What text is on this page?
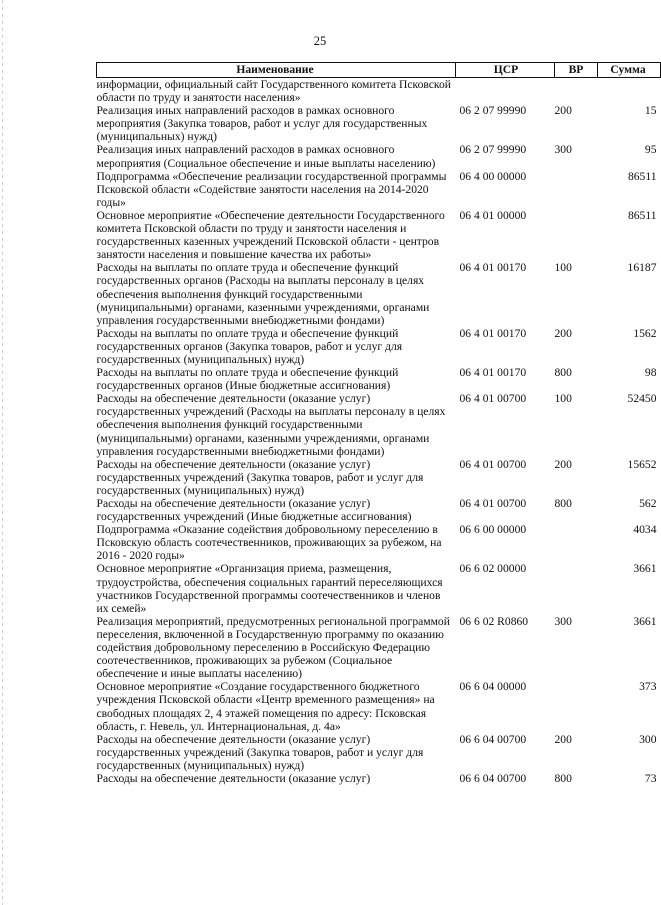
25
Наименование	ЦСР	ВР	Сумма
информации, официальный сайт Государственного комитета Псковской области по труду и занятости населения»			
Реализация иных направлений расходов в рамках основного мероприятия (Закупка товаров, работ и услуг для государственных (муниципальных) нужд)	06 2 07 99990	200	15
Реализация иных направлений расходов в рамках основного мероприятия (Социальное обеспечение и иные выплаты населению)	06 2 07 99990	300	95
Подпрограмма «Обеспечение реализации государственной программы Псковской области «Содействие занятости населения на 2014-2020 годы»	06 4 00 00000		86511
Основное мероприятие «Обеспечение деятельности Государственного комитета Псковской области по труду и занятости населения и государственных казенных учреждений Псковской области - центров занятости населения и повышение качества их работы»	06 4 01 00000		86511
Расходы на выплаты по оплате труда и обеспечение функций государственных органов (Расходы на выплаты персоналу в целях обеспечения выполнения функций государственными (муниципальными) органами, казенными учреждениями, органами управления государственными внебюджетными фондами)	06 4 01 00170	100	16187
Расходы на выплаты по оплате труда и обеспечение функций государственных органов (Закупка товаров, работ и услуг для государственных (муниципальных) нужд)	06 4 01 00170	200	1562
Расходы на выплаты по оплате труда и обеспечение функций государственных органов (Иные бюджетные ассигнования)	06 4 01 00170	800	98
Расходы на обеспечение деятельности (оказание услуг) государственных учреждений (Расходы на выплаты персоналу в целях обеспечения выполнения функций государственными (муниципальными) органами, казенными учреждениями, органами управления государственными внебюджетными фондами)	06 4 01 00700	100	52450
Расходы на обеспечение деятельности (оказание услуг) государственных учреждений (Закупка товаров, работ и услуг для государственных (муниципальных) нужд)	06 4 01 00700	200	15652
Расходы на обеспечение деятельности (оказание услуг) государственных учреждений (Иные бюджетные ассигнования)	06 4 01 00700	800	562
Подпрограмма «Оказание содействия добровольному переселению в Псковскую область соотечественников, проживающих за рубежом, на 2016 - 2020 годы»	06 6 00 00000		4034
Основное мероприятие «Организация приема, размещения, трудоустройства, обеспечения социальных гарантий переселяющихся участников Государственной программы соотечественников и членов их семей»	06 6 02 00000		3661
Реализация мероприятий, предусмотренных региональной программой переселения, включенной в Государственную программу по оказанию содействия добровольному переселению в Российскую Федерацию соотечественников, проживающих за рубежом (Социальное обеспечение и иные выплаты населению)	06 6 02 R0860	300	3661
Основное мероприятие «Создание государственного бюджетного учреждения Псковской области «Центр временного размещения» на свободных площадях 2, 4 этажей помещения по адресу: Псковская область, г. Невель, ул. Интернациональная, д. 4а»	06 6 04 00000		373
Расходы на обеспечение деятельности (оказание услуг) государственных учреждений (Закупка товаров, работ и услуг для государственных (муниципальных) нужд)	06 6 04 00700	200	300
Расходы на обеспечение деятельности (оказание услуг)	06 6 04 00700	800	73
